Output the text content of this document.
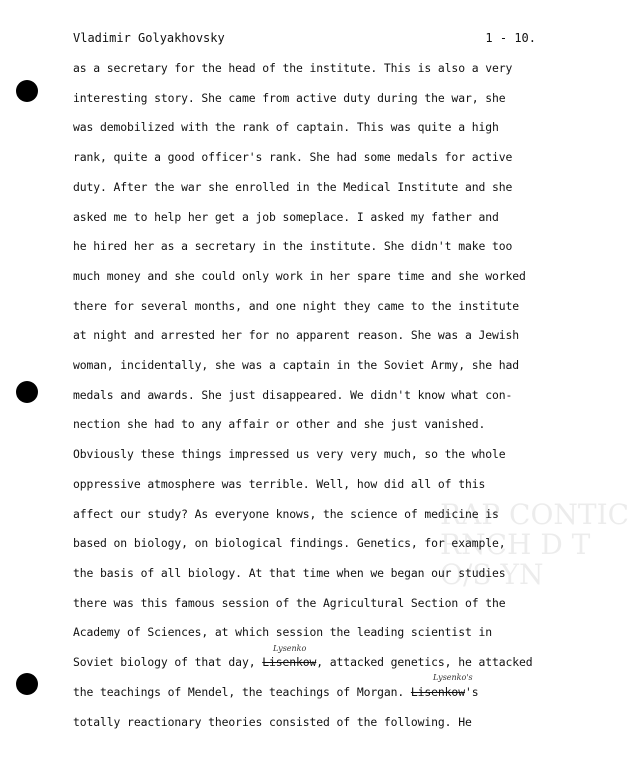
RAP CONTIC
RNCH D T
O/S YN
Vladimir Golyakhovsky	1 - 10.
as a secretary for the head of the institute. This is also a very
interesting story. She came from active duty during the war, she
was demobilized with the rank of captain. This was quite a high
rank, quite a good officer's rank. She had some medals for active
duty. After the war she enrolled in the Medical Institute and she
asked me to help her get a job someplace. I asked my father and
he hired her as a secretary in the institute. She didn't make too
much money and she could only work in her spare time and she worked
there for several months, and one night they came to the institute
at night and arrested her for no apparent reason. She was a Jewish
woman, incidentally, she was a captain in the Soviet Army, she had
medals and awards. She just disappeared. We didn't know what con-
nection she had to any affair or other and she just vanished.
Obviously these things impressed us very very much, so the whole
oppressive atmosphere was terrible. Well, how did all of this
affect our study? As everyone knows, the science of medicine is
based on biology, on biological findings. Genetics, for example,
the basis of all biology. At that time when we began our studies
there was this famous session of the Agricultural Section of the
Academy of Sciences, at which session the leading scientist in
Soviet biology of that day, Lisenkow, attacked genetics, he attacked
the teachings of Mendel, the teachings of Morgan. Lisenkow's
totally reactionary theories consisted of the following. He
Lysenko
Lysenko's
